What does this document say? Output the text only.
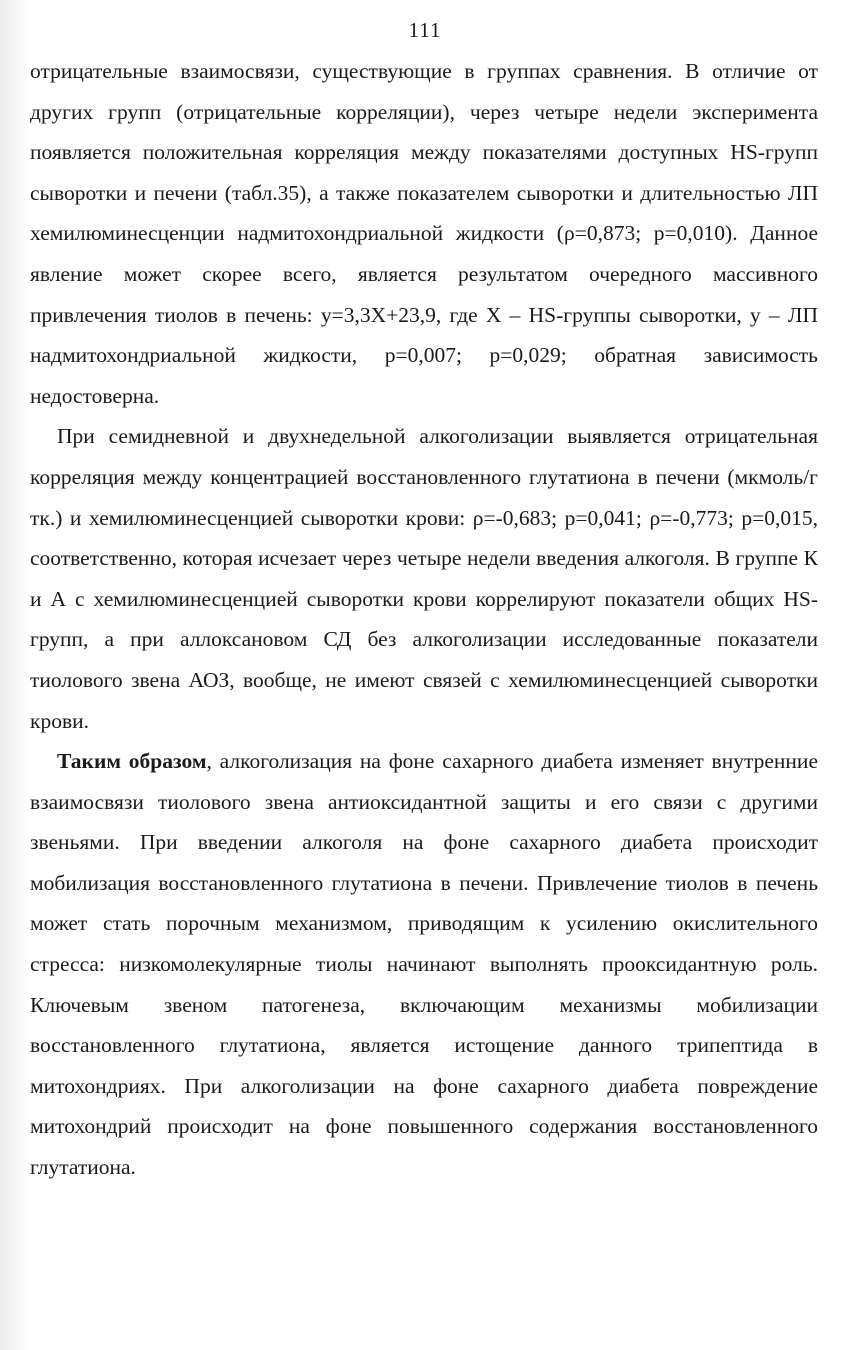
111

отрицательные взаимосвязи, существующие в группах сравнения. В отличие от других групп (отрицательные корреляции), через четыре недели эксперимента появляется положительная корреляция между показателями доступных HS-групп сыворотки и печени (табл.35), а также показателем сыворотки и длительностью ЛП хемилюминесценции надмитохондриальной жидкости (ρ=0,873; p=0,010). Данное явление может скорее всего, является результатом очередного массивного привлечения тиолов в печень: y=3,3X+23,9, где X – HS-группы сыворотки, y – ЛП надмитохондриальной жидкости, p=0,007; p=0,029; обратная зависимость недостоверна.

При семидневной и двухнедельной алкоголизации выявляется отрицательная корреляция между концентрацией восстановленного глутатиона в печени (мкмоль/г тк.) и хемилюминесценцией сыворотки крови: ρ=-0,683; p=0,041; ρ=-0,773; p=0,015, соответственно, которая исчезает через четыре недели введения алкоголя. В группе К и А с хемилюминесценцией сыворотки крови коррелируют показатели общих HS-групп, а при аллоксановом СД без алкоголизации исследованные показатели тиолового звена АОЗ, вообще, не имеют связей с хемилюминесценцией сыворотки крови.

Таким образом, алкоголизация на фоне сахарного диабета изменяет внутренние взаимосвязи тиолового звена антиоксидантной защиты и его связи с другими звеньями. При введении алкоголя на фоне сахарного диабета происходит мобилизация восстановленного глутатиона в печени. Привлечение тиолов в печень может стать порочным механизмом, приводящим к усилению окислительного стресса: низкомолекулярные тиолы начинают выполнять прооксидантную роль. Ключевым звеном патогенеза, включающим механизмы мобилизации восстановленного глутатиона, является истощение данного трипептида в митохондриях. При алкоголизации на фоне сахарного диабета повреждение митохондрий происходит на фоне повышенного содержания восстановленного глутатиона.
